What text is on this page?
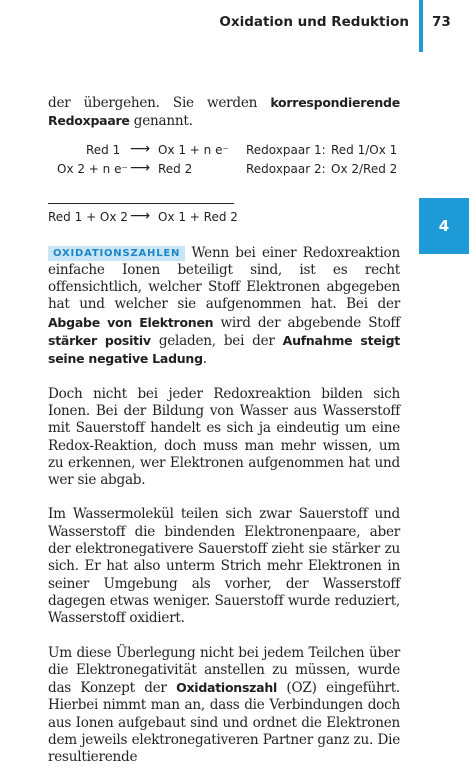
Oxidation und Reduktion 73
4

der übergehen. Sie werden korrespondierende Redoxpaare genannt.

Red 1 ⟶ Ox 1 + n e⁻ Redoxpaar 1: Red 1/Ox 1
Ox 2 + n e⁻ ⟶ Red 2	Redoxpaar 2: Ox 2/Red 2
Red 1 + Ox 2 ⟶ Ox 1 + Red 2

OXIDATIONSZAHLEN Wenn bei einer Redoxreaktion einfache Ionen beteiligt sind, ist es recht offensichtlich, welcher Stoff Elektronen abgegeben hat und welcher sie aufgenommen hat. Bei der Abgabe von Elektronen wird der abgebende Stoff stärker positiv geladen, bei der Aufnahme steigt seine negative Ladung.

Doch nicht bei jeder Redoxreaktion bilden sich Ionen. Bei der Bildung von Wasser aus Wasserstoff mit Sauerstoff handelt es sich ja eindeutig um eine Redox-Reaktion, doch muss man mehr wissen, um zu erkennen, wer Elektronen aufgenommen hat und wer sie abgab.

Im Wassermolekül teilen sich zwar Sauerstoff und Wasserstoff die bindenden Elektronenpaare, aber der elektronegativere Sauerstoff zieht sie stärker zu sich. Er hat also unterm Strich mehr Elektronen in seiner Umgebung als vorher, der Wasserstoff dagegen etwas weniger. Sauerstoff wurde reduziert, Wasserstoff oxidiert.

Um diese Überlegung nicht bei jedem Teilchen über die Elektronegativität anstellen zu müssen, wurde das Konzept der Oxidationszahl (OZ) eingeführt. Hierbei nimmt man an, dass die Verbindungen doch aus Ionen aufgebaut sind und ordnet die Elektronen dem jeweils elektronegativeren Partner ganz zu. Die resultierende
